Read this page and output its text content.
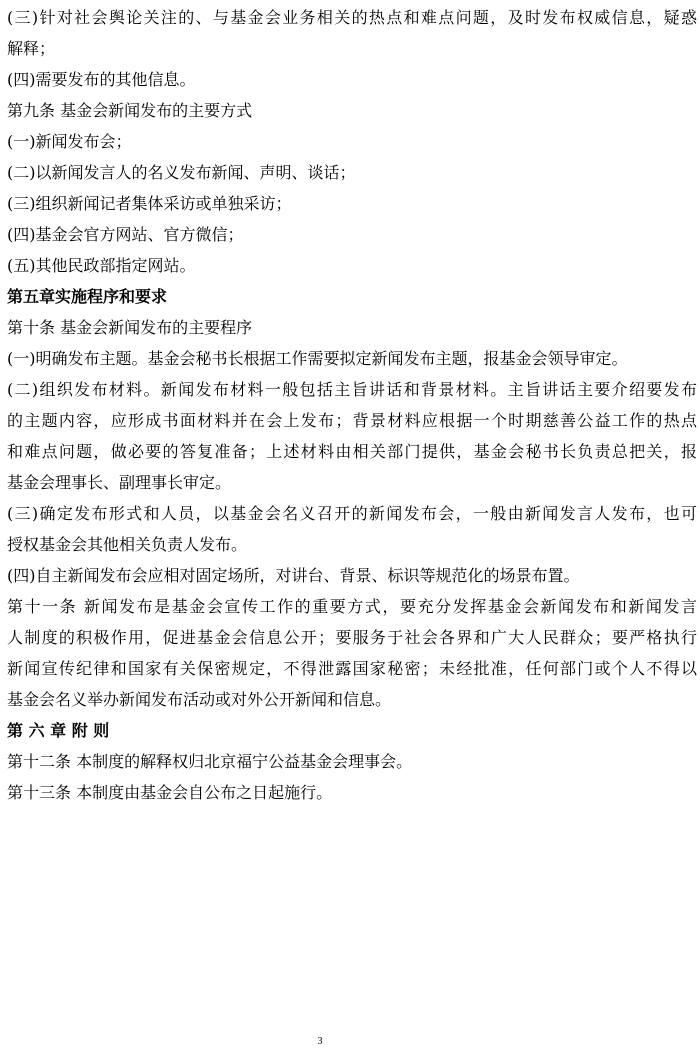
(三)针对社会舆论关注的、与基金会业务相关的热点和难点问题，及时发布权威信息，疑惑
解释；
(四)需要发布的其他信息。
第九条 基金会新闻发布的主要方式
(一)新闻发布会；
(二)以新闻发言人的名义发布新闻、声明、谈话；
(三)组织新闻记者集体采访或单独采访；
(四)基金会官方网站、官方微信；
(五)其他民政部指定网站。
第五章实施程序和要求
第十条 基金会新闻发布的主要程序
(一)明确发布主题。基金会秘书长根据工作需要拟定新闻发布主题，报基金会领导审定。
(二)组织发布材料。新闻发布材料一般包括主旨讲话和背景材料。主旨讲话主要介绍要发布
的主题内容，应形成书面材料并在会上发布；背景材料应根据一个时期慈善公益工作的热点
和难点问题，做必要的答复准备；上述材料由相关部门提供，基金会秘书长负责总把关，报
基金会理事长、副理事长审定。
(三)确定发布形式和人员，以基金会名义召开的新闻发布会，一般由新闻发言人发布，也可
授权基金会其他相关负责人发布。
(四)自主新闻发布会应相对固定场所，对讲台、背景、标识等规范化的场景布置。
第十一条 新闻发布是基金会宣传工作的重要方式，要充分发挥基金会新闻发布和新闻发言
人制度的积极作用，促进基金会信息公开；要服务于社会各界和广大人民群众；要严格执行
新闻宣传纪律和国家有关保密规定，不得泄露国家秘密；未经批准，任何部门或个人不得以
基金会名义举办新闻发布活动或对外公开新闻和信息。
第 六 章 附 则
第十二条 本制度的解释权归北京福宁公益基金会理事会。
第十三条 本制度由基金会自公布之日起施行。
3
